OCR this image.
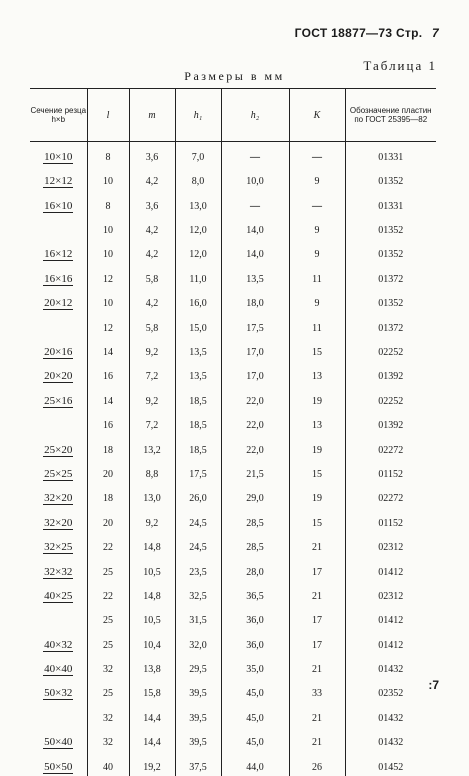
ГОСТ 18877—73 Стр. 7
Таблица 1
Размеры в мм
Сечение резца h×b	l	m	h₁	h₂	K	Обозначение пластин по ГОСТ 25395—82
10×10	8	3,6	7,0	—	—	01331
12×12	10	4,2	8,0	10,0	9	01352
16×10	8	3,6	13,0	—	—	01331
	10	4,2	12,0	14,0	9	01352
16×12	10	4,2	12,0	14,0	9	01352
16×16	12	5,8	11,0	13,5	11	01372
20×12	10	4,2	16,0	18,0	9	01352
	12	5,8	15,0	17,5	11	01372
20×16	14	9,2	13,5	17,0	15	02252
20×20	16	7,2	13,5	17,0	13	01392
25×16	14	9,2	18,5	22,0	19	02252
	16	7,2	18,5	22,0	13	01392
25×20	18	13,2	18,5	22,0	19	02272
25×25	20	8,8	17,5	21,5	15	01152
32×20	18	13,0	26,0	29,0	19	02272
32×20	20	9,2	24,5	28,5	15	01152
32×25	22	14,8	24,5	28,5	21	02312
32×32	25	10,5	23,5	28,0	17	01412
40×25	22	14,8	32,5	36,5	21	02312
	25	10,5	31,5	36,0	17	01412
40×32	25	10,4	32,0	36,0	17	01412
40×40	32	13,8	29,5	35,0	21	01432
50×32	25	15,8	39,5	45,0	33	02352
	32	14,4	39,5	45,0	21	01432
50×40	32	14,4	39,5	45,0	21	01432
50×50	40	19,2	37,5	44,0	26	01452
:7
